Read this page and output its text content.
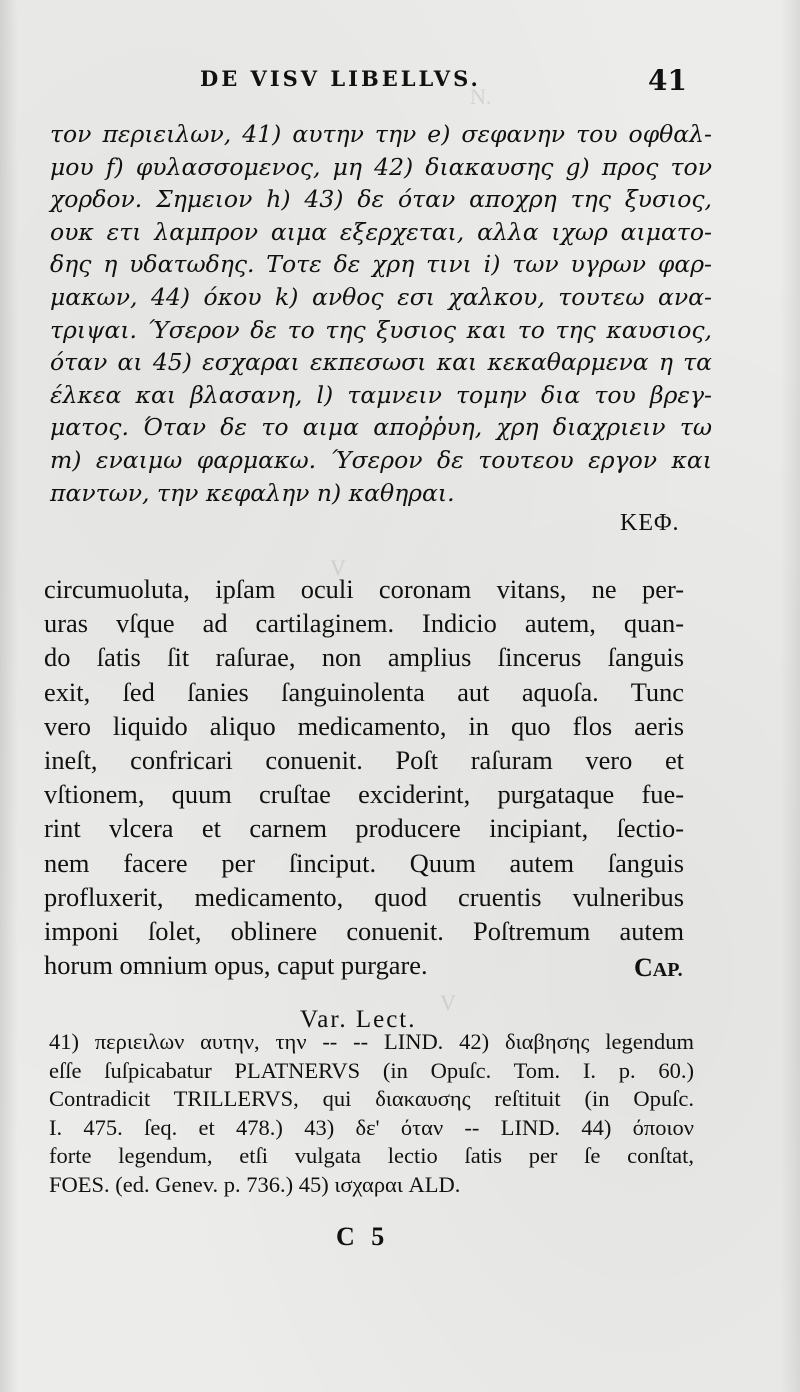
N.
V
V
DE VISV LIBELLVS.	41
τον περιειλων, 41) αυτην την e) σεφανην του οφθαλ-
μου f) φυλασσομενος, μη 42) διακαυσης g) προς τον
χορδον. Σημειον h) 43) δε όταν αποχρη της ξυσιος,
ουκ ετι λαμπρον αιμα εξερχεται, αλλα ιχωρ αιματο-
δης η υδατωδης. Τοτε δε χρη τινι i) των υγρων φαρ-
μακων, 44) όκου k) ανθος εσι χαλκου, τουτεω ανα-
τριψαι. Ύσερον δε το της ξυσιος και το της καυσιος,
όταν αι 45) εσχαραι εκπεσωσι και κεκαθαρμενα η τα
έλκεα και βλασανη, l) ταμνειν τομην δια του βρεγ-
ματος. Όταν δε το αιμα αποῤῥυη, χρη διαχριειν τω
m) εναιμω φαρμακω. Ύσερον δε τουτεου εργον και
παντων, την κεφαλην n) καθηραι.
ΚΕΦ.
circumuoluta, ipſam oculi coronam vitans, ne per-
uras vſque ad cartilaginem. Indicio autem, quan-
do ſatis ſit raſurae, non amplius ſincerus ſanguis
exit, ſed ſanies ſanguinolenta aut aquoſa. Tunc
vero liquido aliquo medicamento, in quo flos aeris
ineſt, confricari conuenit. Poſt raſuram vero et
vſtionem, quum cruſtae exciderint, purgataque fue-
rint vlcera et carnem producere incipiant, ſectio-
nem facere per ſinciput. Quum autem ſanguis
profluxerit, medicamento, quod cruentis vulneribus
imponi ſolet, oblinere conuenit. Poſtremum autem
horum omnium opus, caput purgare.	CAP.
Var. Lect.
41) περιειλων αυτην, την -- -- LIND. 42) διαβησης legendum
eſſe ſuſpicabatur PLATNERVS (in Opuſc. Tom. I. p. 60.)
Contradicit TRILLERVS, qui διακαυσης reſtituit (in Opuſc.
I. 475. ſeq. et 478.) 43) δε' όταν -- LIND. 44) όποιον
forte legendum, etſi vulgata lectio ſatis per ſe conſtat,
FOES. (ed. Genev. p. 736.) 45) ισχαραι ALD.
C 5
